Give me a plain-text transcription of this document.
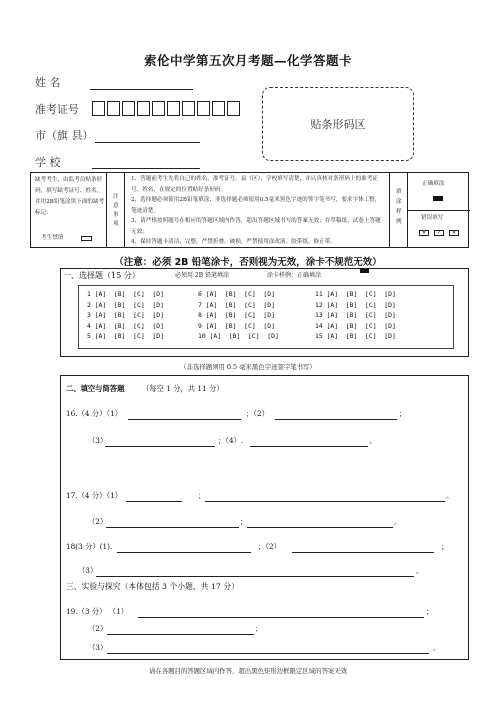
索伦中学第五次月考题—化学答题卡
姓 名
准考证号
市（旗 县）
学 校
贴条形码区
缺考考生，由监考员贴条形码，填写缺考证号、姓名，并用2B铅笔涂黑下面的缺考标记：
考生禁填
注
意
事
项
1、答题前考生先将自己的姓名、准考证号、县（区）、学校填写清楚，并认真核对条形码上的准考证号、姓名，在规定的位置贴好条形码。
2、选择题必须使用2B铅笔填涂；非选择题必须使用0.5毫米黑色字迹的签字笔书写，要求字体工整，笔迹清楚。
3、请严格按照题号在相应的答题区域内作答，超出答题区域书写的答案无效；在草稿纸、试卷上答题无效。
4、保持答题卡清洁、完整。严禁折叠，破损，严禁使用涂改液、胶带纸、修正带。
填
涂
样
例
正确填涂
错误填写
✕	✓	✕
（注意：必须 2B 铅笔涂卡，否则视为无效，涂卡不规范无效）
一、选择题（15 分）	必须用 2B 铅笔填涂	涂卡样例：正确填涂
1 [A]  [B]  [C]  [D]
2 [A]  [B]  [C]  [D]
3 [A]  [B]  [C]  [D]
4 [A]  [B]  [C]  [D]
5 [A]  [B]  [C]  [D]
6 [A]  [B]  [C]  [D]
7 [A]  [B]  [C]  [D]
8 [A]  [B]  [C]  [D]
9 [A]  [B]  [C]  [D]
10 [A]  [B]  [C]  [D]
11 [A]  [B]  [C]  [D]
12 [A]  [B]  [C]  [D]
13 [A]  [B]  [C]  [D]
14 [A]  [B]  [C]  [D]
15 [A]  [B]  [C]  [D]
（非选择题须用 0.5 毫米黑色字迹签字笔书写）
二、填空与简答题 （每空 1 分，共 11 分）
16.（4 分）（1）	；（2）	；
（3）	；（4）.	。
17.（4 分）（1）	；	。
（2）	；	。
18(3 分）(1).	；（2）	；
（3）	。
三、实验与探究（本体包括 3 个小题，共 17 分）
19.（3 分） （1）	；
（2）	；
（3）	。
请在各题目的答题区域内作答，超出黑色矩形边框限定区域的答案无效
